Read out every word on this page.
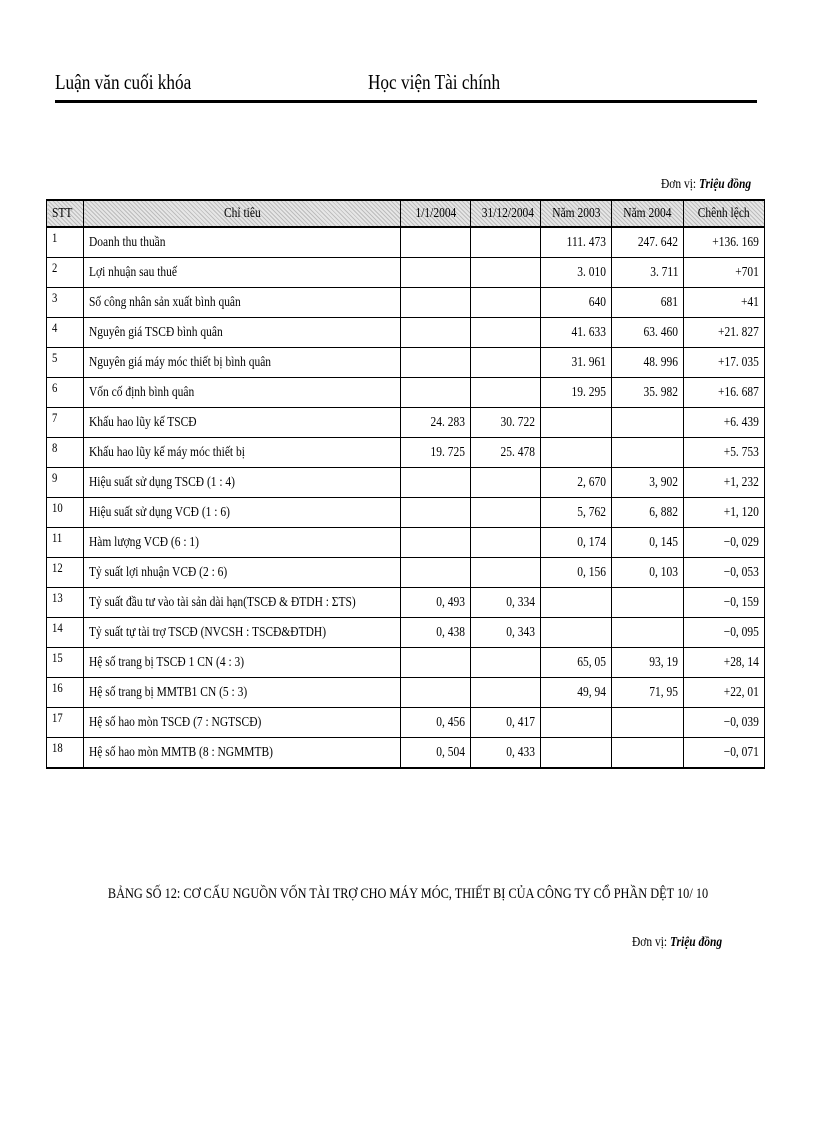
Luận văn cuối khóa	Học viện Tài chính
Đơn vị: Triệu đồng
STT	Chỉ tiêu	1/1/2004	31/12/2004	Năm 2003	Năm 2004	Chênh lệch
1	Doanh thu thuần			111. 473	247. 642	+136. 169
2	Lợi nhuận sau thuế			3. 010	3. 711	+701
3	Số công nhân sản xuất bình quân			640	681	+41
4	Nguyên giá TSCĐ bình quân			41. 633	63. 460	+21. 827
5	Nguyên giá máy móc thiết bị bình quân			31. 961	48. 996	+17. 035
6	Vốn cố định bình quân			19. 295	35. 982	+16. 687
7	Khấu hao lũy kế TSCĐ	24. 283	30. 722			+6. 439
8	Khấu hao lũy kế máy móc thiết bị	19. 725	25. 478			+5. 753
9	Hiệu suất sử dụng TSCĐ (1 : 4)			2, 670	3, 902	+1, 232
10	Hiệu suất sử dụng VCĐ (1 : 6)			5, 762	6, 882	+1, 120
11	Hàm lượng VCĐ (6 : 1)			0, 174	0, 145	−0, 029
12	Tỷ suất lợi nhuận VCĐ (2 : 6)			0, 156	0, 103	−0, 053
13	Tỷ suất đầu tư vào tài sản dài hạn(TSCĐ & ĐTDH : ΣTS)	0, 493	0, 334			−0, 159
14	Tỷ suất tự tài trợ TSCĐ (NVCSH : TSCĐ&ĐTDH)	0, 438	0, 343			−0, 095
15	Hệ số trang bị TSCĐ 1 CN (4 : 3)			65, 05	93, 19	+28, 14
16	Hệ số trang bị MMTB1 CN (5 : 3)			49, 94	71, 95	+22, 01
17	Hệ số hao mòn TSCĐ (7 : NGTSCĐ)	0, 456	0, 417			−0, 039
18	Hệ số hao mòn MMTB (8 : NGMMTB)	0, 504	0, 433			−0, 071
BẢNG SỐ 12: CƠ CẤU NGUỒN VỐN TÀI TRỢ CHO MÁY MÓC, THIẾT BỊ CỦA CÔNG TY CỔ PHẦN DỆT 10/ 10
Đơn vị: Triệu đồng
